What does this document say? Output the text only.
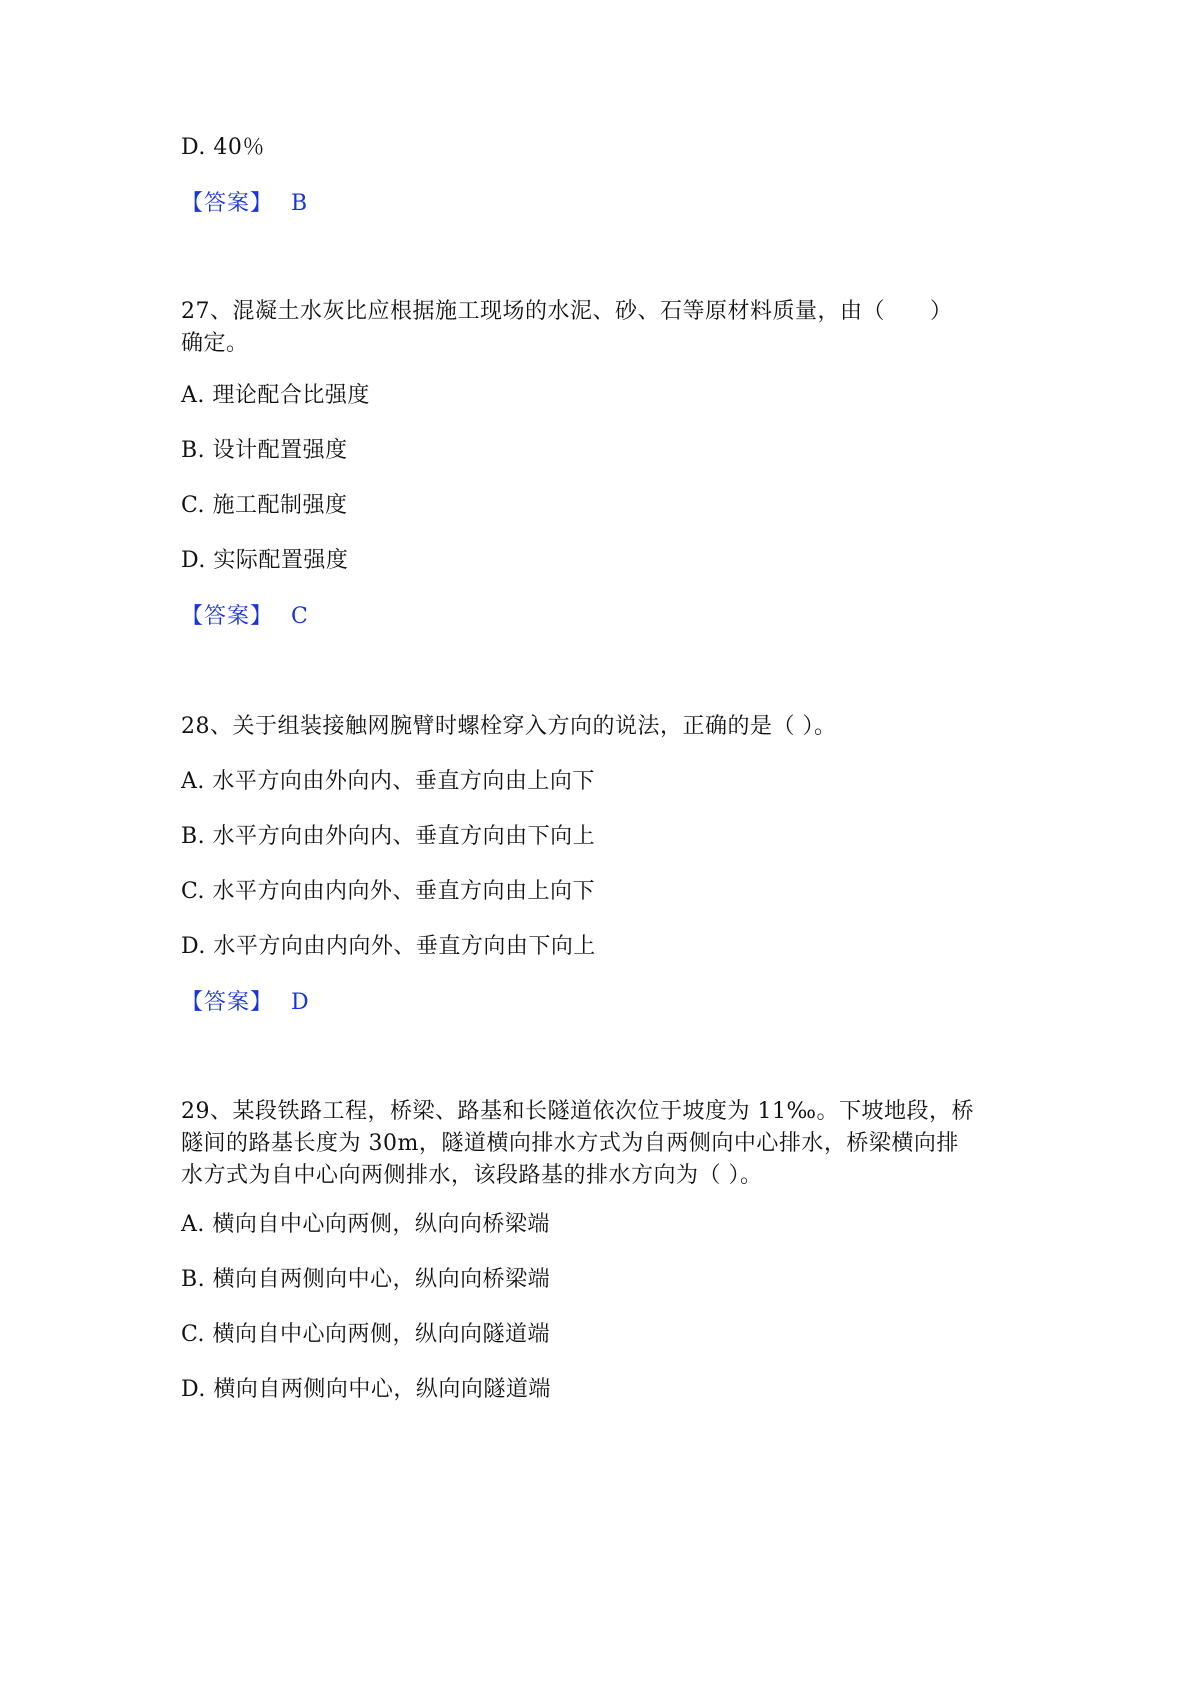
D. 40％
【答案】 B
27、混凝土水灰比应根据施工现场的水泥、砂、石等原材料质量，由（　　）
确定。
A. 理论配合比强度
B. 设计配置强度
C. 施工配制强度
D. 实际配置强度
【答案】 C
28、关于组装接触网腕臂时螺栓穿入方向的说法，正确的是（ ）。
A. 水平方向由外向内、垂直方向由上向下
B. 水平方向由外向内、垂直方向由下向上
C. 水平方向由内向外、垂直方向由上向下
D. 水平方向由内向外、垂直方向由下向上
【答案】 D
29、某段铁路工程，桥梁、路基和长隧道依次位于坡度为 11‰。下坡地段，桥
隧间的路基长度为 30m，隧道横向排水方式为自两侧向中心排水，桥梁横向排
水方式为自中心向两侧排水，该段路基的排水方向为（ ）。
A. 横向自中心向两侧，纵向向桥梁端
B. 横向自两侧向中心，纵向向桥梁端
C. 横向自中心向两侧，纵向向隧道端
D. 横向自两侧向中心，纵向向隧道端
